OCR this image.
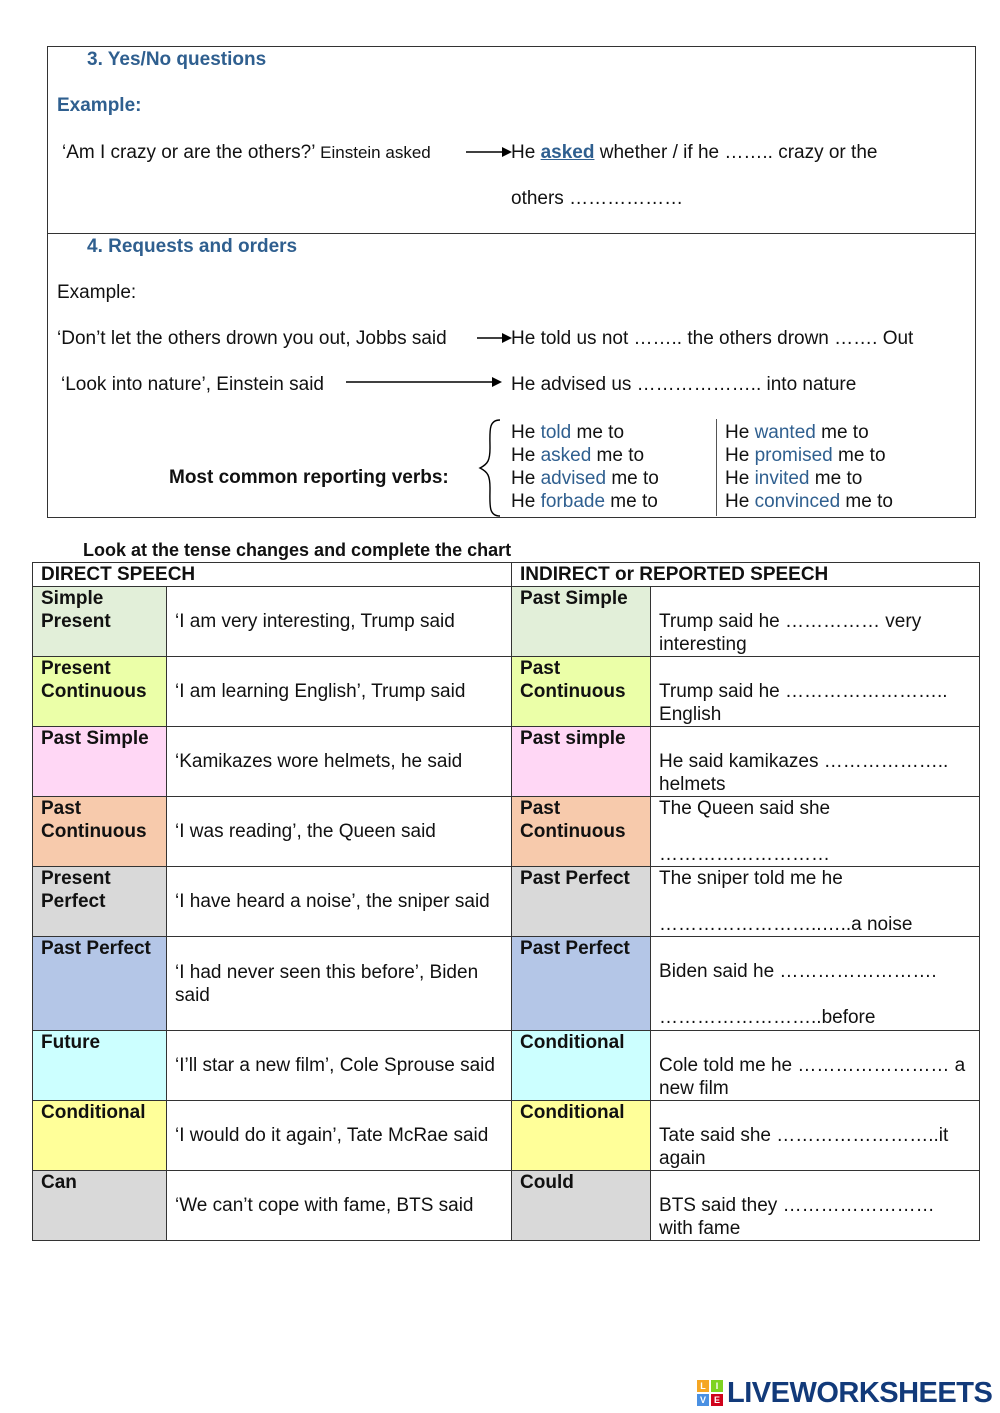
3. Yes/No questions
Example:
‘Am I crazy or are the others?’ Einstein asked	He asked whether / if he …….. crazy or the
others ………………
4. Requests and orders
Example:
‘Don’t let the others drown you out, Jobbs said	He told us not …….. the others drown ……. Out
‘Look into nature’, Einstein said	He advised us ……………….. into nature
Most common reporting verbs:
He told me to
He asked me to
He advised me to
He forbade me to
He wanted me to
He promised me to
He invited me to
He convinced me to
Look at the tense changes and complete the chart
DIRECT SPEECH		INDIRECT or REPORTED SPEECH	
Simple Present	‘I am very interesting, Trump said	Past Simple	Trump said he …………… very interesting
Present Continuous	‘I am learning English’, Trump said	Past Continuous	Trump said he …………………….. English
Past Simple	‘Kamikazes wore helmets, he said	Past simple	He said kamikazes ……………….. helmets
Past Continuous	‘I was reading’, the Queen said	Past Continuous	The Queen said she
………………………

Present Perfect	‘I have heard a noise’, the sniper said	Past Perfect	The sniper told me he
……………………..…..a noise

Past Perfect	‘I had never seen this before’, Biden said	Past Perfect	Biden said he …………………….
……………………..before

Future	‘I’ll star a new film’, Cole Sprouse said	Conditional	Cole told me he …………………… a new film
Conditional	‘I would do it again’, Tate McRae said	Conditional	Tate said she ……………………..it again
Can	‘We can’t cope with fame, BTS said	Could	BTS said they …………………… with fame
L	I
V E LIVEWORKSHEETS
